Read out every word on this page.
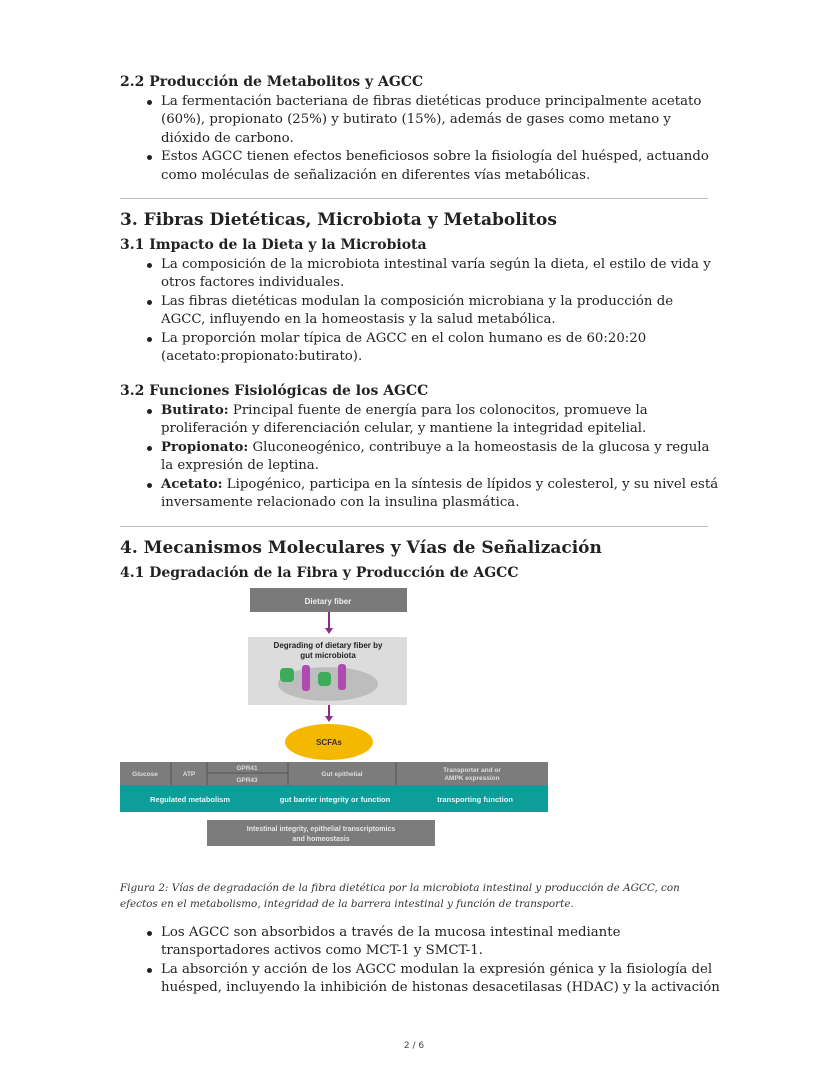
2.2 Producción de Metabolitos y AGCC
La fermentación bacteriana de fibras dietéticas produce principalmente acetato (60%), propionato (25%) y butirato (15%), además de gases como metano y dióxido de carbono.
Estos AGCC tienen efectos beneficiosos sobre la fisiología del huésped, actuando como moléculas de señalización en diferentes vías metabólicas.
3. Fibras Dietéticas, Microbiota y Metabolitos
3.1 Impacto de la Dieta y la Microbiota
La composición de la microbiota intestinal varía según la dieta, el estilo de vida y otros factores individuales.
Las fibras dietéticas modulan la composición microbiana y la producción de AGCC, influyendo en la homeostasis y la salud metabólica.
La proporción molar típica de AGCC en el colon humano es de 60:20:20 (acetato:propionato:butirato).
3.2 Funciones Fisiológicas de los AGCC
Butirato: Principal fuente de energía para los colonocitos, promueve la proliferación y diferenciación celular, y mantiene la integridad epitelial.
Propionato: Gluconeogénico, contribuye a la homeostasis de la glucosa y regula la expresión de leptina.
Acetato: Lipogénico, participa en la síntesis de lípidos y colesterol, y su nivel está inversamente relacionado con la insulina plasmática.
4. Mecanismos Moleculares y Vías de Señalización
4.1 Degradación de la Fibra y Producción de AGCC
Dietary fiber
Degrading of dietary fiber by
gut microbiota
SCFAs
Glucose	ATP
GPR41
GPR43
Gut epithelial
Transporter and or
AMPK expression
Regulated metabolism	gut barrier integrity or function	transporting function
Intestinal integrity, epithelial transcriptomics
and homeostasis
Figura 2: Vías de degradación de la fibra dietética por la microbiota intestinal y producción de AGCC, con efectos en el metabolismo, integridad de la barrera intestinal y función de transporte.
Los AGCC son absorbidos a través de la mucosa intestinal mediante transportadores activos como MCT-1 y SMCT-1.
La absorción y acción de los AGCC modulan la expresión génica y la fisiología del huésped, incluyendo la inhibición de histonas desacetilasas (HDAC) y la activación
2 / 6
